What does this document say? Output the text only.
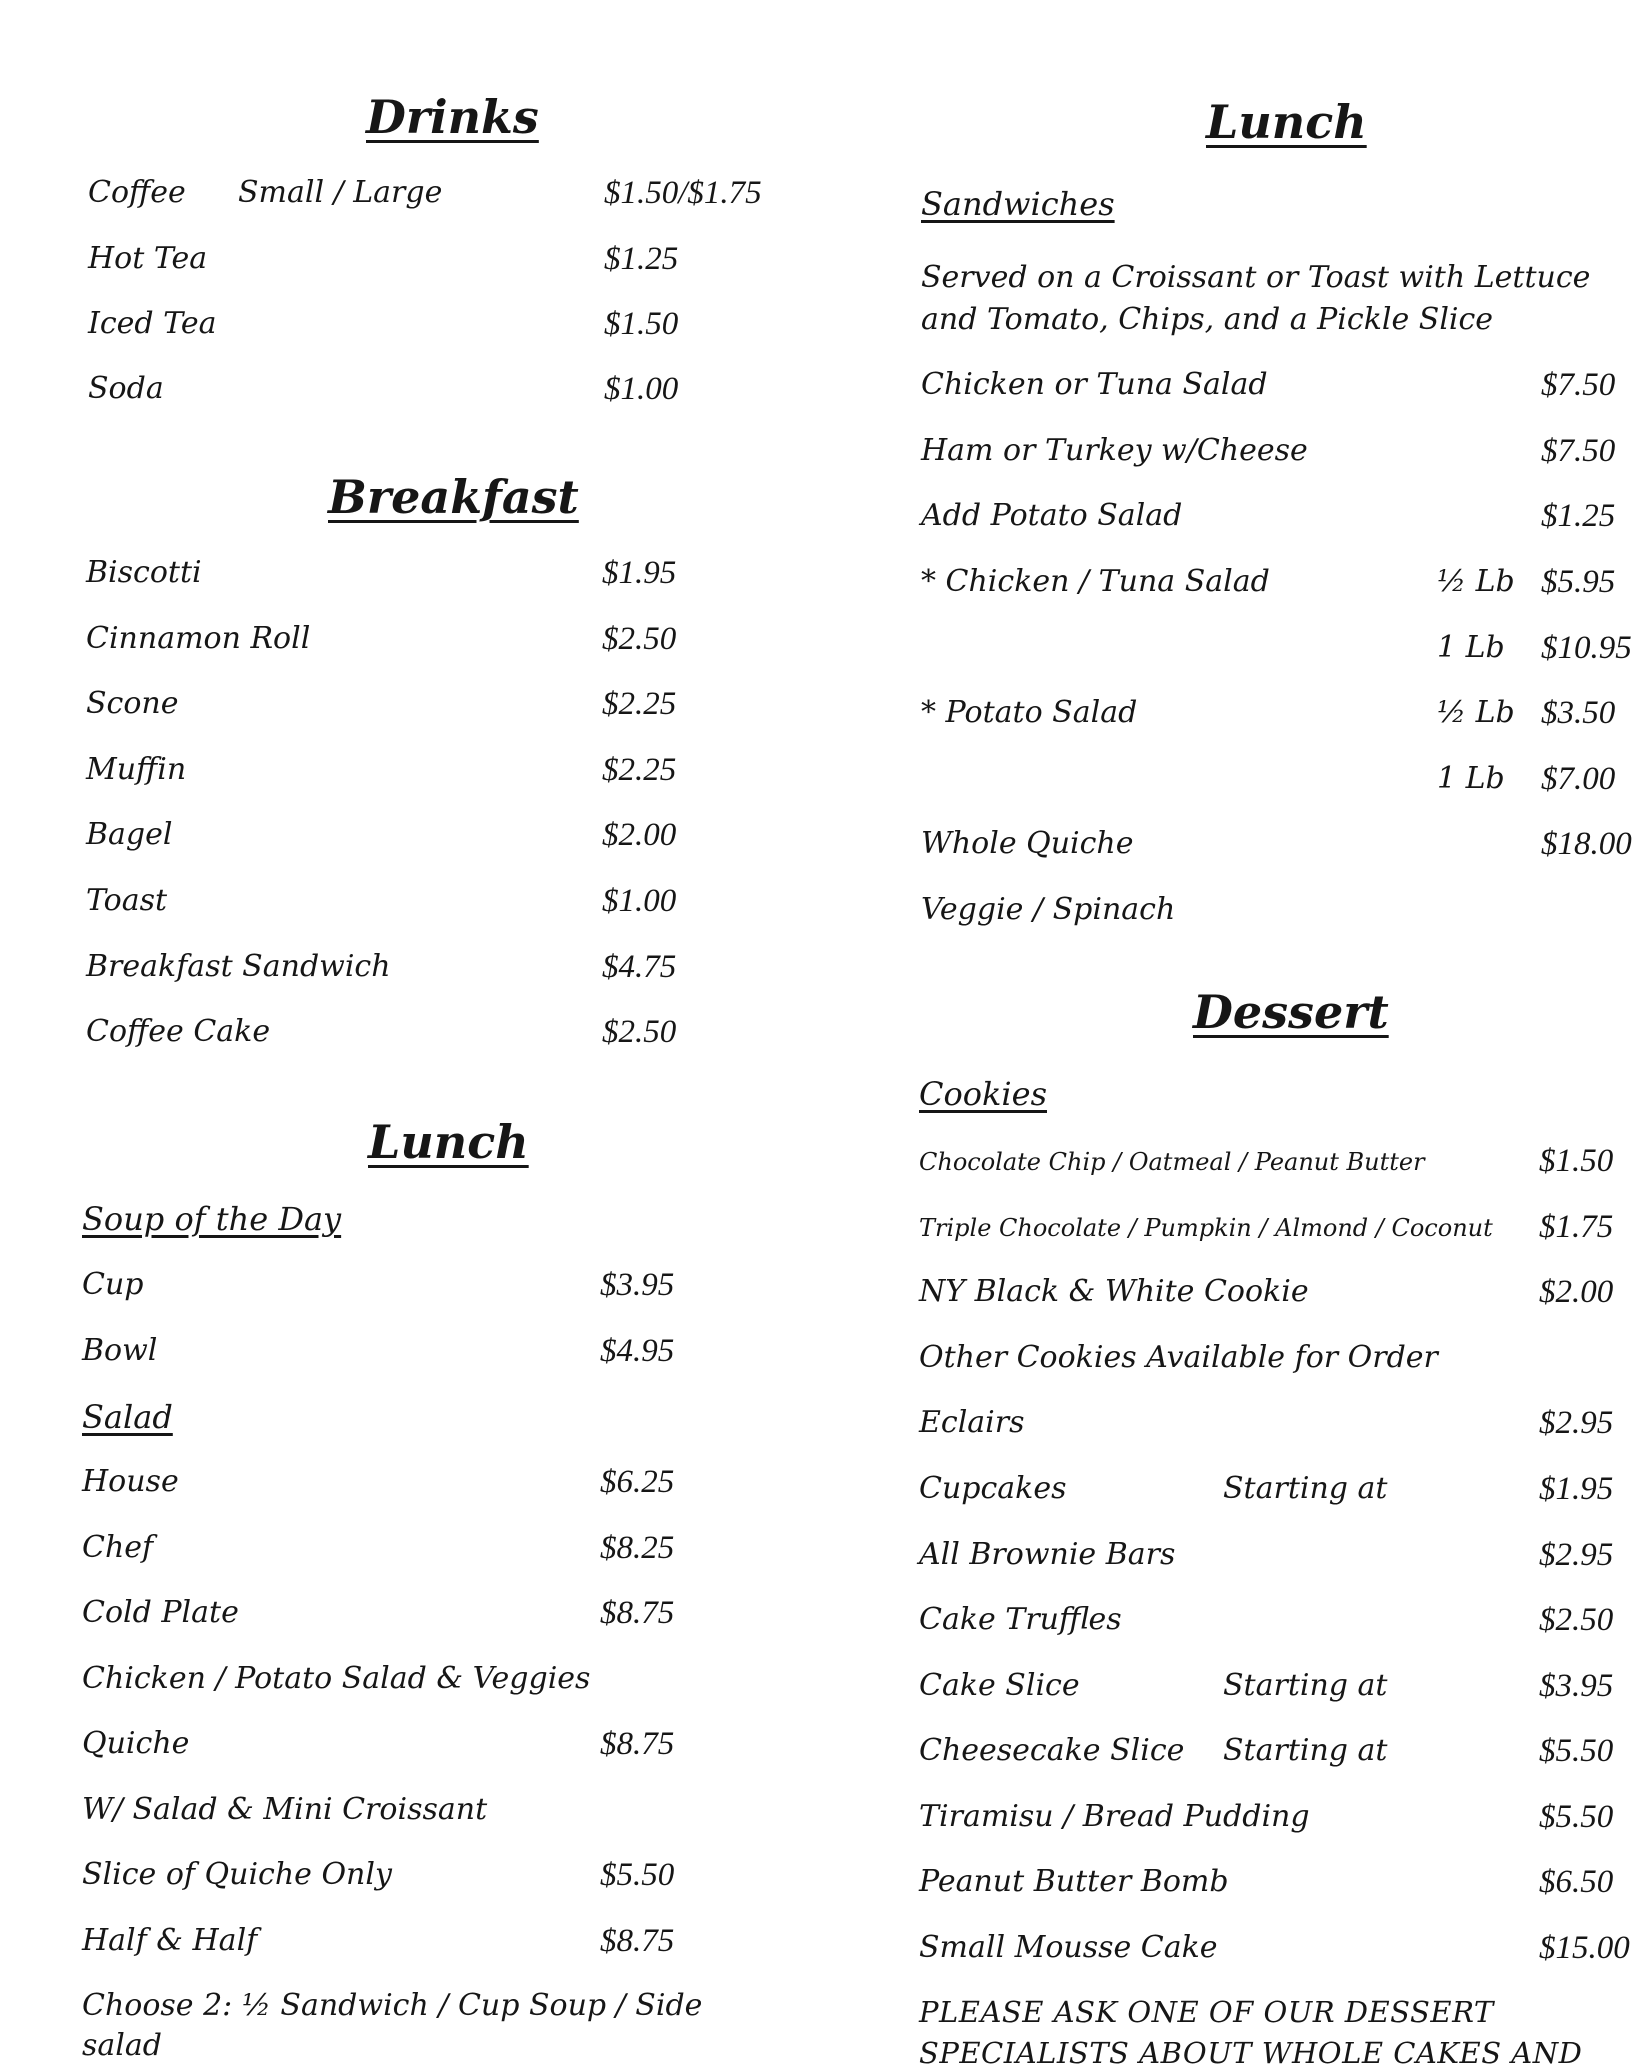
Drinks
Coffee Small / Large	$1.50/$1.75
Hot Tea	$1.25
Iced Tea	$1.50
Soda	$1.00
Breakfast
Biscotti	$1.95
Cinnamon Roll	$2.50
Scone	$2.25
Muffin	$2.25
Bagel	$2.00
Toast	$1.00
Breakfast Sandwich	$4.75
Coffee Cake	$2.50
Lunch
Soup of the Day
Cup	$3.95
Bowl	$4.95
Salad
House	$6.25
Chef	$8.25
Cold Plate	$8.75
Chicken / Potato Salad & Veggies
Quiche	$8.75
W/ Salad & Mini Croissant
Slice of Quiche Only	$5.50
Half & Half	$8.75
Choose 2: ½ Sandwich / Cup Soup / Side
salad
Lunch
Sandwiches
Served on a Croissant or Toast with Lettuce
and Tomato, Chips, and a Pickle Slice
Chicken or Tuna Salad	$7.50
Ham or Turkey w/Cheese	$7.50
Add Potato Salad	$1.25
* Chicken / Tuna Salad	½ Lb $5.95
1 Lb $10.95
* Potato Salad	½ Lb $3.50
1 Lb $7.00
Whole Quiche	$18.00
Veggie / Spinach
Dessert
Cookies
Chocolate Chip / Oatmeal / Peanut Butter	$1.50
Triple Chocolate / Pumpkin / Almond / Coconut $1.75
NY Black & White Cookie	$2.00
Other Cookies Available for Order
Eclairs	$2.95
Cupcakes	Starting at	$1.95
All Brownie Bars	$2.95
Cake Truffles	$2.50
Cake Slice	Starting at	$3.95
Cheesecake Slice Starting at	$5.50
Tiramisu / Bread Pudding	$5.50
Peanut Butter Bomb	$6.50
Small Mousse Cake	$15.00
PLEASE ASK ONE OF OUR DESSERT
SPECIALISTS ABOUT WHOLE CAKES AND
